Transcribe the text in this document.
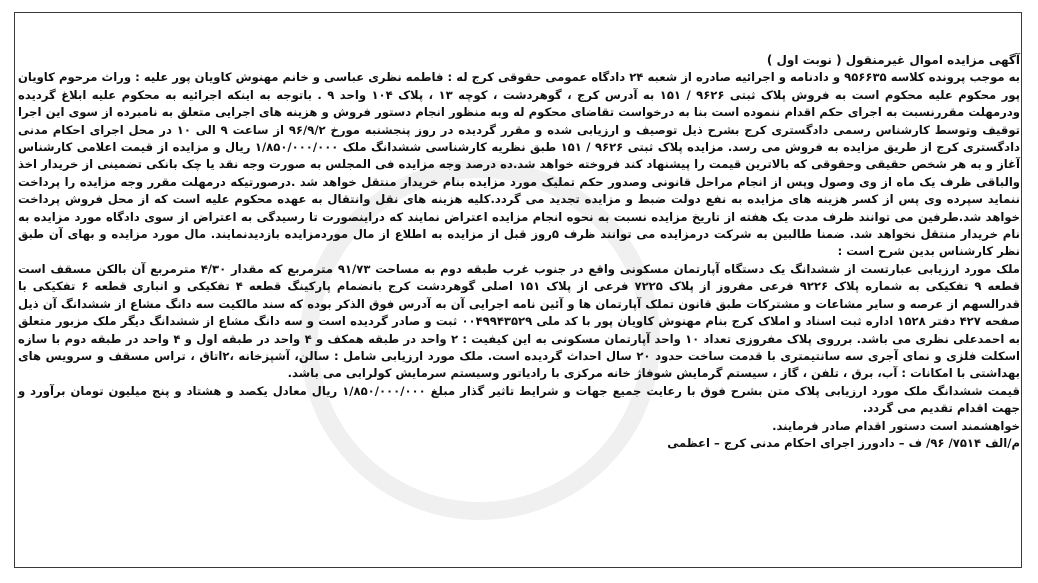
آگهی مزایده اموال غیرمنقول ( نوبت اول )

به موجب پرونده کلاسه ۹۵۶۶۳۵ و دادنامه و اجرائیه صادره از شعبه ۲۴ دادگاه عمومی حقوقی کرج له : فاطمه نظری عباسی و خانم مهنوش کاویان پور علیه : وراث مرحوم کاویان پور محکوم علیه محکوم است به فروش پلاک ثبتی ۹۶۲۶ / ۱۵۱ به آدرس کرج ، گوهردشت ، کوچه ۱۳ ، پلاک ۱۰۴ واحد ۹ . باتوجه به اینکه اجرائیه به محکوم علیه ابلاغ گردیده ودرمهلت مقررنسبت به اجرای حکم اقدام ننموده است بنا به درخواست تقاضای محکوم له وبه منظور انجام دستور فروش و هزینه های اجرایی متعلق به نامبرده از سوی این اجرا توقیف وتوسط کارشناس رسمی دادگستری کرج بشرح ذیل توصیف و ارزیابی شده و مقرر گردیده در روز پنجشنبه مورخ ۹۶/۹/۲ از ساعت ۹ الی ۱۰ در محل اجرای احکام مدنی دادگستری کرج از طریق مزایده به فروش می رسد. مزایده پلاک ثبتی ۹۶۲۶ / ۱۵۱ طبق نظریه کارشناسی ششدانگ ملک ۱/۸۵۰/۰۰۰/۰۰۰ ریال و مزایده از قیمت اعلامی کارشناس آغاز و به هر شخص حقیقی وحقوقی که بالاترین قیمت را پیشنهاد کند فروخته خواهد شد.ده درصد وجه مزایده فی المجلس به صورت وجه نقد یا چک بانکی تضمینی از خریدار اخذ والباقی ظرف یک ماه از وی وصول وپس از انجام مراحل قانونی وصدور حکم تملیک مورد مزایده بنام خریدار منتقل خواهد شد .درصورتیکه درمهلت مقرر وجه مزایده را پرداخت ننماید سپرده وی پس از کسر هزینه های مزایده به نفع دولت ضبط و مزایده تجدید می گردد.کلیه هزینه های نقل وانتقال به عهده محکوم علیه است که از محل فروش پرداخت خواهد شد.طرفین می توانند ظرف مدت یک هفته از تاریخ مزایده نسبت به نحوه انجام مزایده اعتراض نمایند که دراینصورت تا رسیدگی به اعتراض از سوی دادگاه مورد مزایده به نام خریدار منتقل نخواهد شد. ضمنا طالبین به شرکت درمزایده می توانند ظرف ۵روز قبل از مزایده به اطلاع از مال موردمزایده بازدیدنمایند. مال مورد مزایده و بهای آن طبق نظر کارشناس بدین شرح است :

ملک مورد ارزیابی عبارتست از ششدانگ یک دستگاه آپارتمان مسکونی واقع در جنوب غرب طبقه دوم به مساحت ۹۱/۷۳ مترمربع که مقدار ۴/۳۰ مترمربع آن بالکن مسقف است قطعه ۹ تفکیکی به شماره پلاک ۹۲۲۶ فرعی مفروز از پلاک ۷۲۲۵ فرعی از پلاک ۱۵۱ اصلی گوهردشت کرج بانضمام پارکینگ قطعه ۴ تفکیکی و انباری قطعه ۶ تفکیکی با قدرالسهم از عرصه و سایر مشاعات و مشترکات طبق قانون تملک آپارتمان ها و آئین نامه اجرایی آن به آدرس فوق الذکر بوده که سند مالکیت سه دانگ مشاع از ششدانگ آن ذیل صفحه ۴۲۷ دفتر ۱۵۲۸ اداره ثبت اسناد و املاک کرج بنام مهنوش کاویان پور با کد ملی ۰۰۴۹۹۴۳۵۲۹ ثبت و صادر گردیده است و سه دانگ مشاع از ششدانگ دیگر ملک مزبور متعلق به احمدعلی نظری می باشد. برروی پلاک مفروزی تعداد ۱۰ واحد آپارتمان مسکونی به این کیفیت : ۲ واحد در طبقه همکف و ۴ واحد در طبقه اول و ۴ واحد در طبقه دوم با سازه اسکلت فلزی و نمای آجری سه سانتیمتری با قدمت ساخت حدود ۲۰ سال احداث گردیده است. ملک مورد ارزیابی شامل : سالن، آشپزخانه ،۲اتاق ، تراس مسقف و سرویس های بهداشتی با امکانات : آب، برق ، تلفن ، گاز ، سیستم گرمایش شوفاژ خانه مرکزی با رادیاتور وسیستم سرمایش کولرابی می باشد.

قیمت ششدانگ ملک مورد ارزیابی پلاک متن بشرح فوق با رعایت جمیع جهات و شرایط تاثیر گذار مبلغ ۱/۸۵۰/۰۰۰/۰۰۰ ریال معادل یکصد و هشتاد و پنج میلیون تومان برآورد و جهت اقدام تقدیم می گردد.

خواهشمند است دستور اقدام صادر فرمایند.

م/الف ۷۵۱۴/ ۹۶/ ف – دادورز اجرای احکام مدنی کرج – اعظمی
